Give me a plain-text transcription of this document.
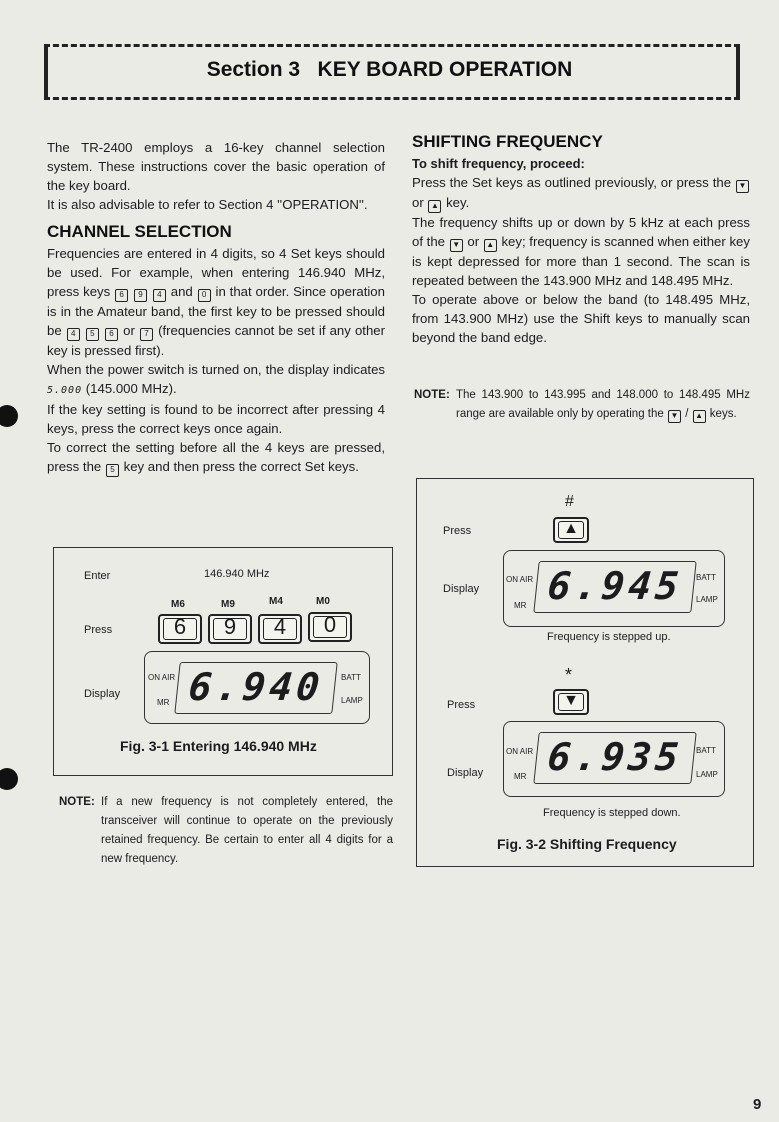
Section 3   KEY BOARD OPERATION

The TR-2400 employs a 16-key channel selection system. These instructions cover the basic operation of the key board.

It is also advisable to refer to Section 4 ''OPERATION''.

CHANNEL SELECTION

Frequencies are entered in 4 digits, so 4 Set keys should be used. For example, when entering 146.940 MHz, press keys 6 9 4 and 0 in that order. Since operation is in the Amateur band, the first key to be pressed should be 4 5 6 or 7 (frequencies cannot be set if any other key is pressed first).

When the power switch is turned on, the display indicates 5.000 (145.000 MHz).

If the key setting is found to be incorrect after pressing 4 keys, press the correct keys once again.

To correct the setting before all the 4 keys are pressed, press the 5 key and then press the correct Set keys.

Enter	146.940 MHz
Press
M6	M9	M4	M0
6	9	4	0
Display
ON AIR
MR 6.940	BATT
LAMP
Fig. 3-1 Entering 146.940 MHz
NOTE: If a new frequency is not completely entered, the transceiver will continue to operate on the previously retained frequency. Be certain to enter all 4 digits for a new frequency.
SHIFTING FREQUENCY
To shift frequency, proceed:

Press the Set keys as outlined previously, or press the ▼ or ▲ key.

The frequency shifts up or down by 5 kHz at each press of the ▼ or ▲ key; frequency is scanned when either key is kept depressed for more than 1 second. The scan is repeated between the 143.900 MHz and 148.495 MHz.

To operate above or below the band (to 148.495 MHz, from 143.900 MHz) use the Shift keys to manually scan beyond the band edge.

NOTE: The 143.900 to 143.995 and 148.000 to 148.495 MHz range are available only by operating the ▼ / ▲ keys.
#
Press	▲
Display
ON AIR
MR 6.945	BATT
LAMP
Frequency is stepped up.
*
Press	▼
Display
ON AIR
MR 6.935	BATT
LAMP
Frequency is stepped down.
Fig. 3-2 Shifting Frequency
9
